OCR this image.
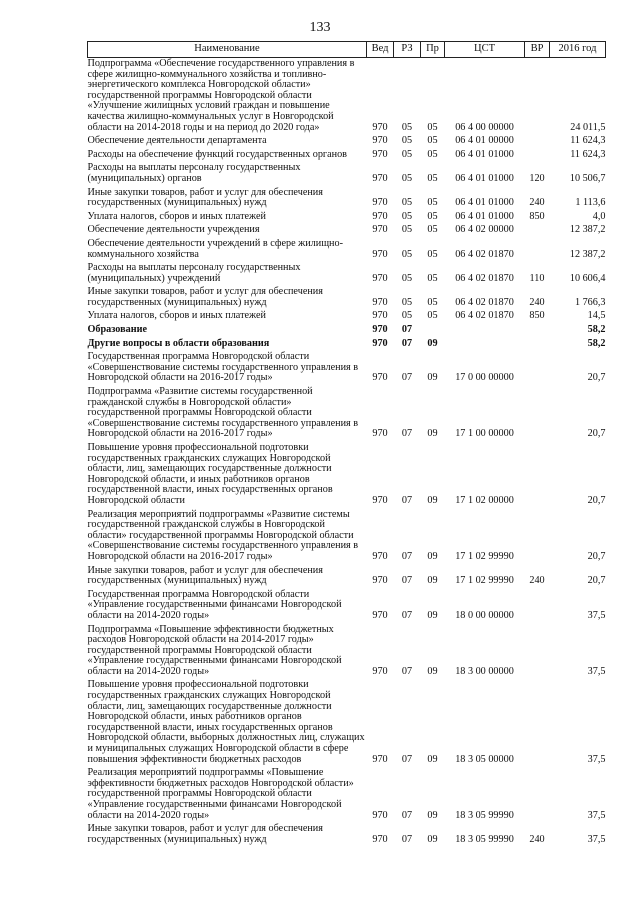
133
Наименование	Вед	РЗ	Пр	ЦСТ	ВР	2016 год
Подпрограмма «Обеспечение государственного управления в сфере жилищно-коммунального хозяйства и топливно-энергетического комплекса Новгородской области» государственной программы Новгородской области «Улучшение жилищных условий граждан и повышение качества жилищно-коммунальных услуг в Новгородской области на 2014-2018 годы и на период до 2020 года»	970	05	05	06 4 00 00000		24 011,5
Обеспечение деятельности департамента	970	05	05	06 4 01 00000		11 624,3
Расходы на обеспечение функций государственных органов	970	05	05	06 4 01 01000		11 624,3
Расходы на выплаты персоналу государственных (муниципальных) органов	970	05	05	06 4 01 01000	120	10 506,7
Иные закупки товаров, работ и услуг для обеспечения государственных (муниципальных) нужд	970	05	05	06 4 01 01000	240	1 113,6
Уплата налогов, сборов и иных платежей	970	05	05	06 4 01 01000	850	4,0
Обеспечение деятельности учреждения	970	05	05	06 4 02 00000		12 387,2
Обеспечение деятельности учреждений в сфере жилищно-коммунального хозяйства	970	05	05	06 4 02 01870		12 387,2
Расходы на выплаты персоналу государственных (муниципальных) учреждений	970	05	05	06 4 02 01870	110	10 606,4
Иные закупки товаров, работ и услуг для обеспечения государственных (муниципальных) нужд	970	05	05	06 4 02 01870	240	1 766,3
Уплата налогов, сборов и иных платежей	970	05	05	06 4 02 01870	850	14,5
Образование	970	07				58,2
Другие вопросы в области образования	970	07	09			58,2
Государственная программа Новгородской области «Совершенствование системы государственного управления в Новгородской области на 2016-2017 годы»	970	07	09	17 0 00 00000		20,7
Подпрограмма «Развитие системы государственной гражданской службы в Новгородской области» государственной программы Новгородской области «Совершенствование системы государственного управления в Новгородской области на 2016-2017 годы»	970	07	09	17 1 00 00000		20,7
Повышение уровня профессиональной подготовки государственных гражданских служащих Новгородской области, лиц, замещающих государственные должности Новгородской области, и иных работников органов государственной власти, иных государственных органов Новгородской области	970	07	09	17 1 02 00000		20,7
Реализация мероприятий подпрограммы «Развитие системы государственной гражданской службы в Новгородской области» государственной программы Новгородской области «Совершенствование системы государственного управления в Новгородской области на 2016-2017 годы»	970	07	09	17 1 02 99990		20,7
Иные закупки товаров, работ и услуг для обеспечения государственных (муниципальных) нужд	970	07	09	17 1 02 99990	240	20,7
Государственная программа Новгородской области «Управление государственными финансами Новгородской области на 2014-2020 годы»	970	07	09	18 0 00 00000		37,5
Подпрограмма «Повышение эффективности бюджетных расходов Новгородской области на 2014-2017 годы» государственной программы Новгородской области «Управление государственными финансами Новгородской области на 2014-2020 годы»	970	07	09	18 3 00 00000		37,5
Повышение уровня профессиональной подготовки государственных гражданских служащих Новгородской области, лиц, замещающих государственные должности Новгородской области, иных работников органов государственной власти, иных государственных органов Новгородской области, выборных должностных лиц, служащих и муниципальных служащих Новгородской области в сфере повышения эффективности бюджетных расходов	970	07	09	18 3 05 00000		37,5
Реализация мероприятий подпрограммы «Повышение эффективности бюджетных расходов Новгородской области» государственной программы Новгородской области «Управление государственными финансами Новгородской области на 2014-2020 годы»	970	07	09	18 3 05 99990		37,5
Иные закупки товаров, работ и услуг для обеспечения государственных (муниципальных) нужд	970	07	09	18 3 05 99990	240	37,5
